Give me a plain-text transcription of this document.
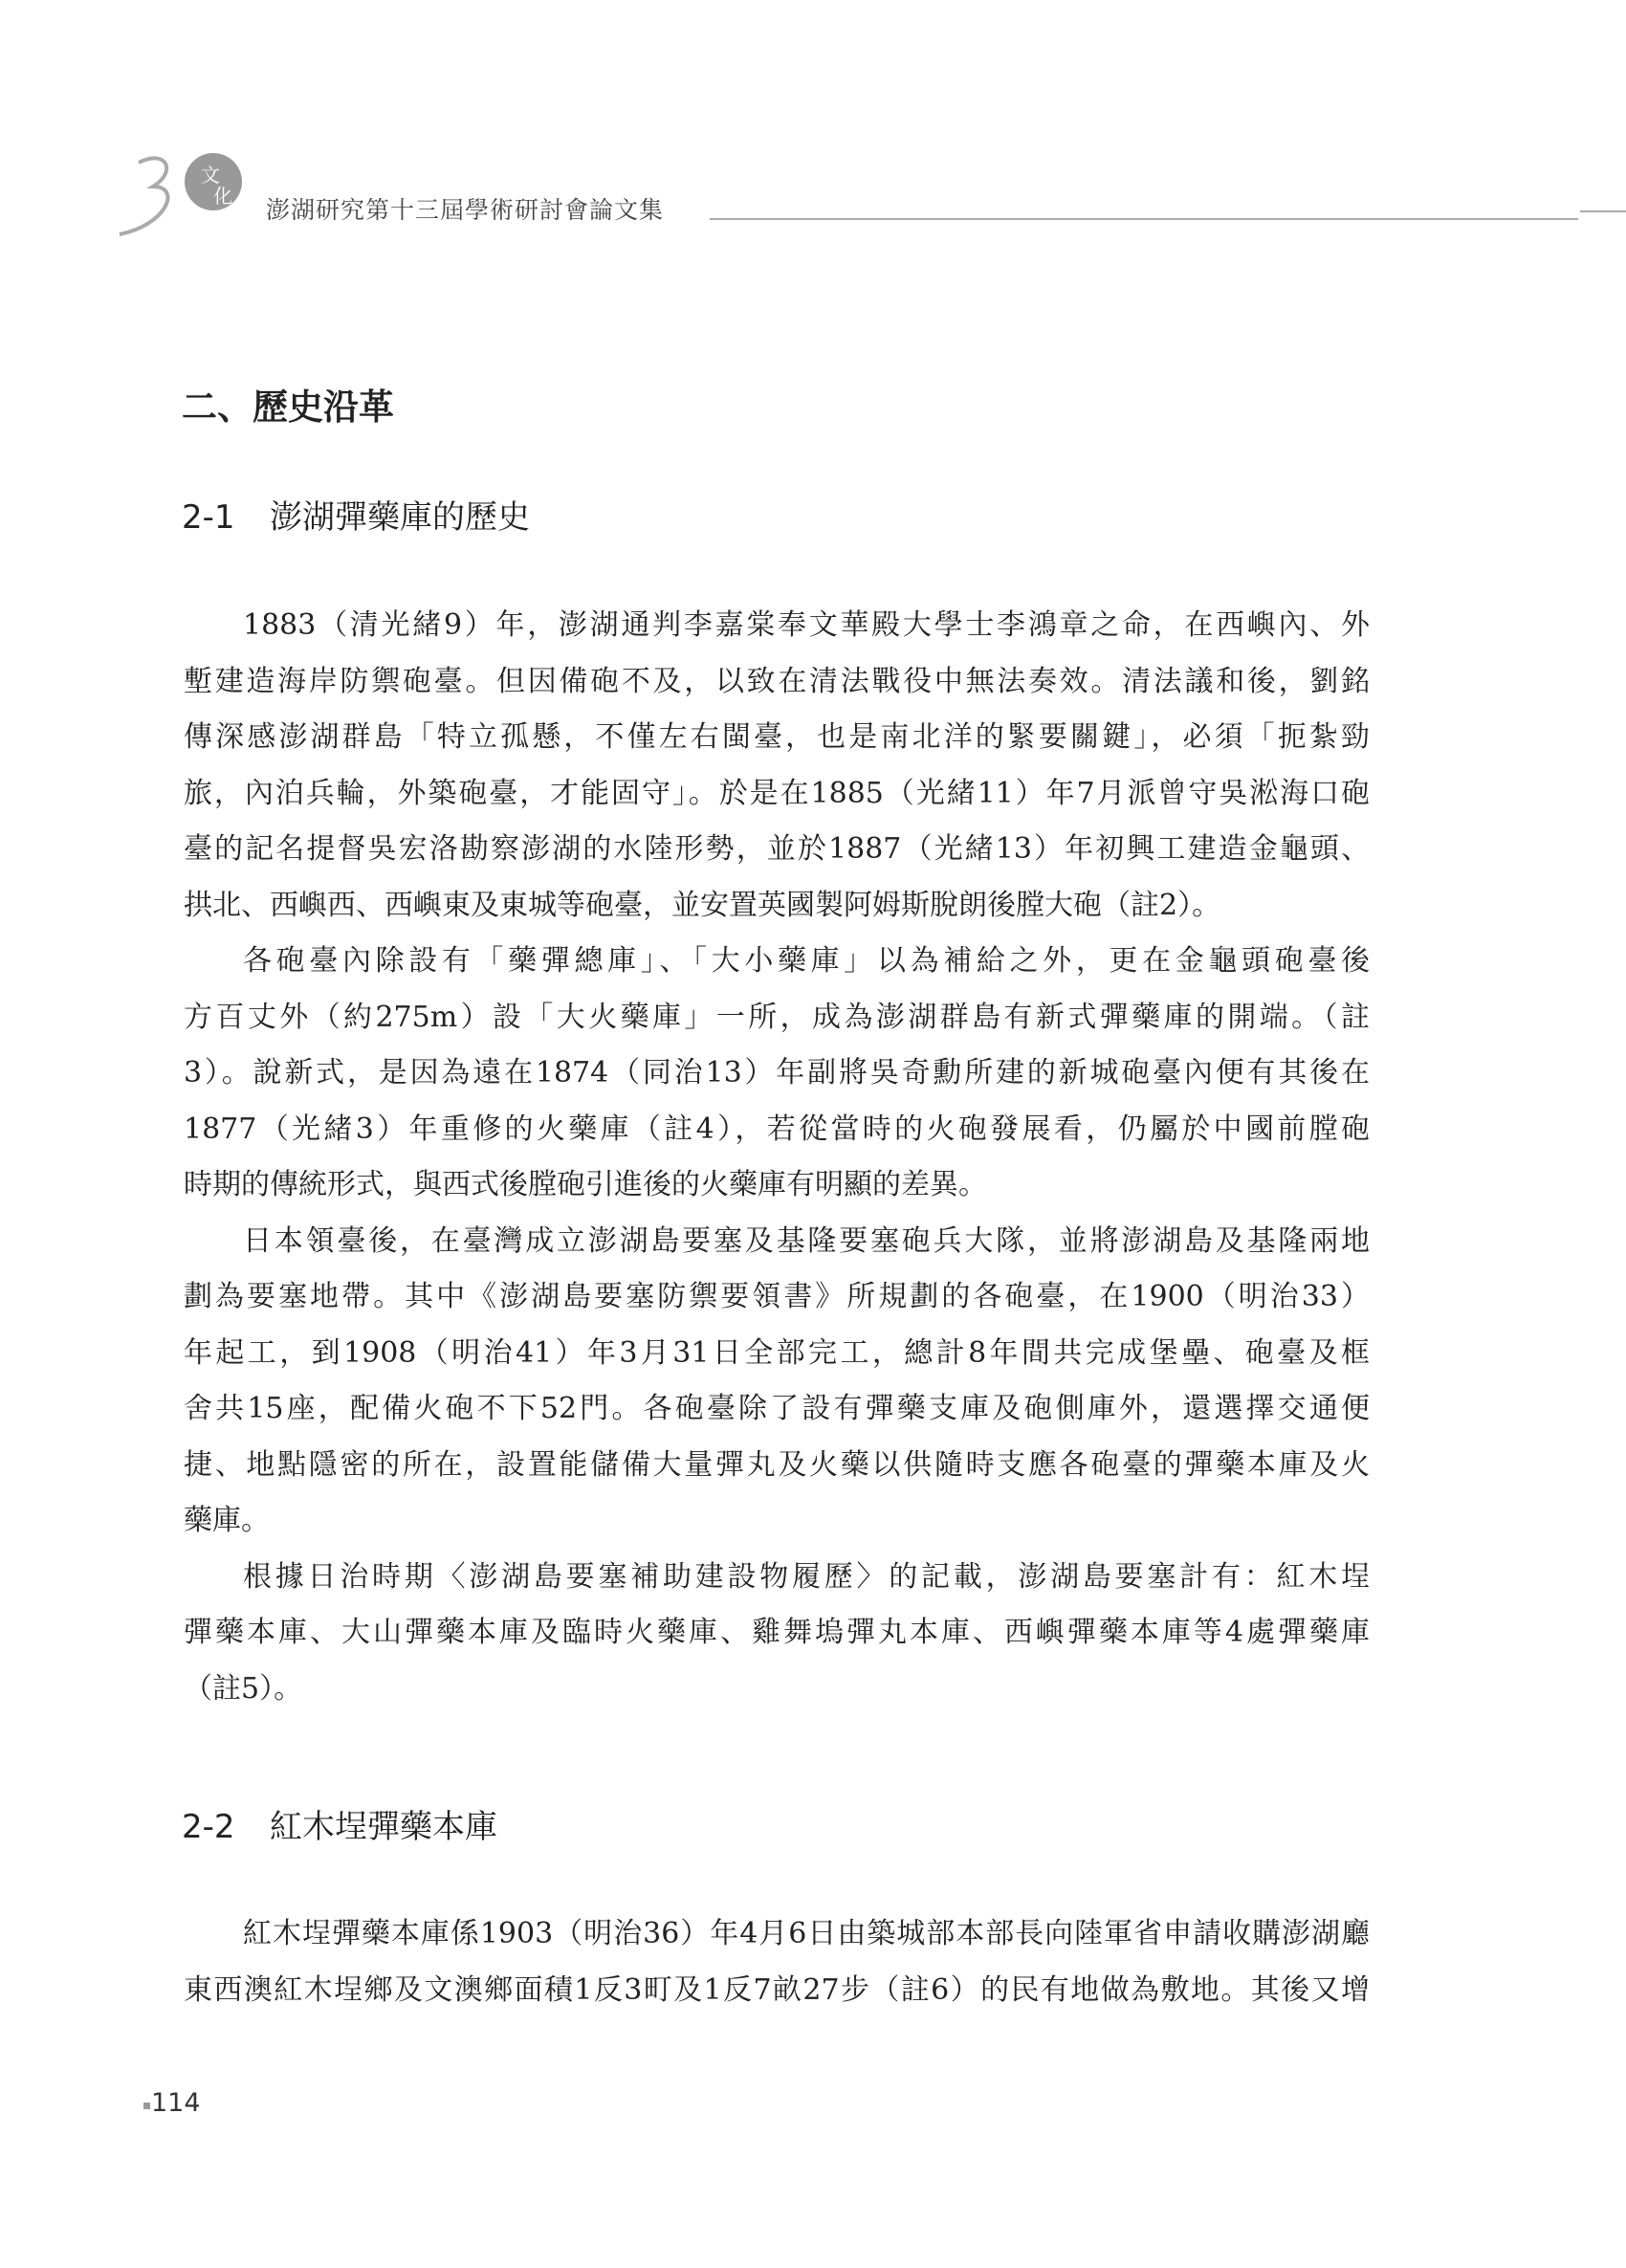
文
化 澎湖研究第十三屆學術研討會論文集
二、歷史沿革
2-1 澎湖彈藥庫的歷史
1883（清光緒9）年，澎湖通判李嘉棠奉文華殿大學士李鴻章之命，在西嶼內、外
塹建造海岸防禦砲臺。但因備砲不及，以致在清法戰役中無法奏效。清法議和後，劉銘
傳深感澎湖群島「特立孤懸，不僅左右閩臺，也是南北洋的緊要關鍵」，必須「扼紮勁
旅，內泊兵輪，外築砲臺，才能固守」。於是在1885（光緒11）年7月派曾守吳淞海口砲
臺的記名提督吳宏洛勘察澎湖的水陸形勢，並於1887（光緒13）年初興工建造金龜頭、
拱北、西嶼西、西嶼東及東城等砲臺，並安置英國製阿姆斯脫朗後膛大砲（註2）。
各砲臺內除設有「藥彈總庫」、「大小藥庫」以為補給之外，更在金龜頭砲臺後
方百丈外（約275m）設「大火藥庫」一所，成為澎湖群島有新式彈藥庫的開端。（註
3）。說新式，是因為遠在1874（同治13）年副將吳奇勳所建的新城砲臺內便有其後在
1877（光緒3）年重修的火藥庫（註4），若從當時的火砲發展看，仍屬於中國前膛砲
時期的傳統形式，與西式後膛砲引進後的火藥庫有明顯的差異。
日本領臺後，在臺灣成立澎湖島要塞及基隆要塞砲兵大隊，並將澎湖島及基隆兩地
劃為要塞地帶。其中《澎湖島要塞防禦要領書》所規劃的各砲臺，在1900（明治33）
年起工，到1908（明治41）年3月31日全部完工，總計8年間共完成堡壘、砲臺及框
舍共15座，配備火砲不下52門。各砲臺除了設有彈藥支庫及砲側庫外，還選擇交通便
捷、地點隱密的所在，設置能儲備大量彈丸及火藥以供隨時支應各砲臺的彈藥本庫及火
藥庫。
根據日治時期〈澎湖島要塞補助建設物履歷〉的記載，澎湖島要塞計有：紅木埕
彈藥本庫、大山彈藥本庫及臨時火藥庫、雞舞塢彈丸本庫、西嶼彈藥本庫等4處彈藥庫
（註5）。
2-2 紅木埕彈藥本庫
紅木埕彈藥本庫係1903（明治36）年4月6日由築城部本部長向陸軍省申請收購澎湖廳
東西澳紅木埕鄉及文澳鄉面積1反3町及1反7畝27步（註6）的民有地做為敷地。其後又增
114
